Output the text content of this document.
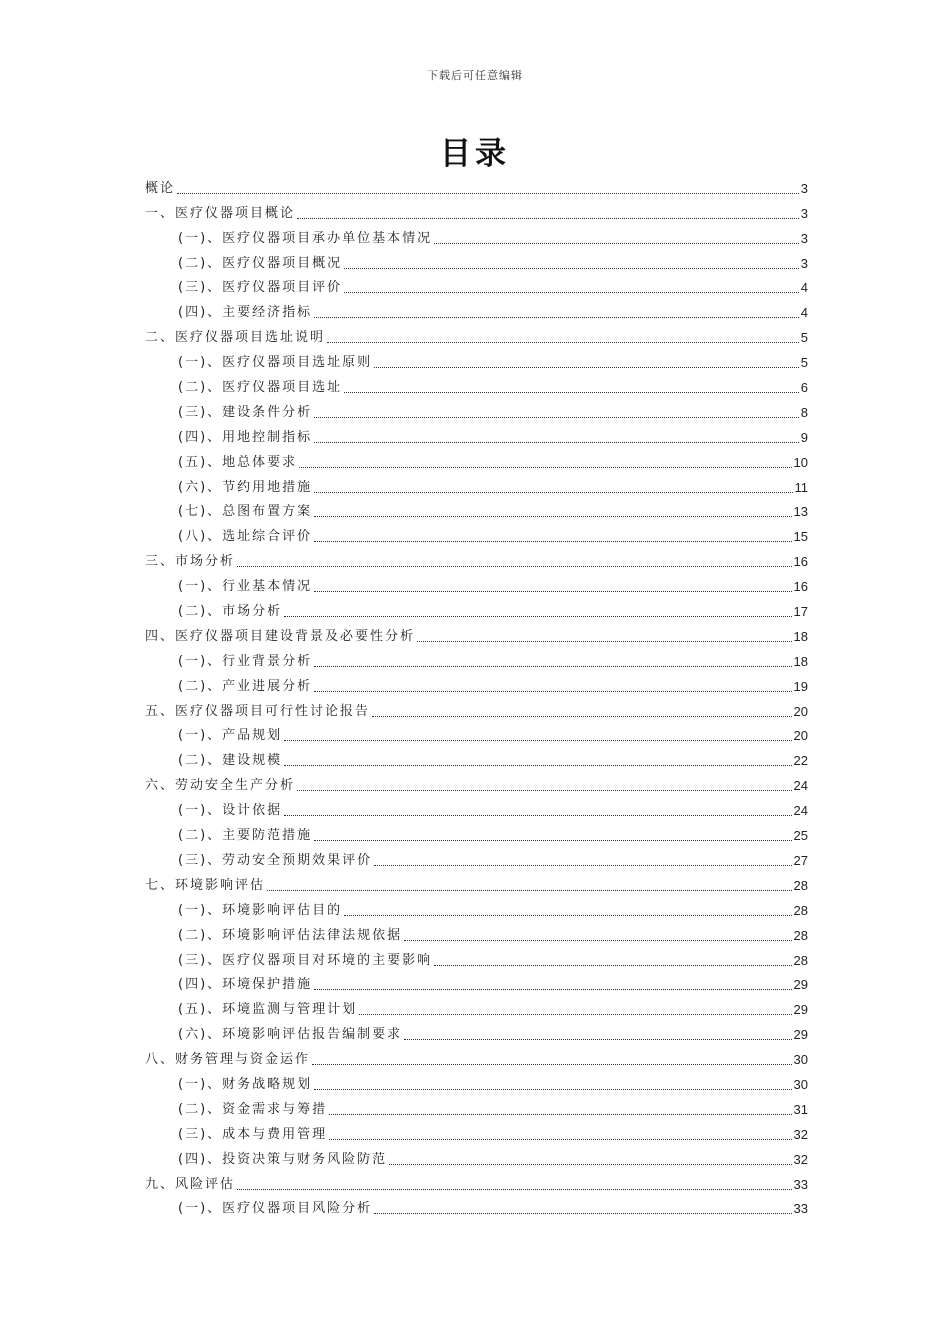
下载后可任意编辑
目录
概论	3
一、医疗仪器项目概论	3
(一)、医疗仪器项目承办单位基本情况	3
(二)、医疗仪器项目概况	3
(三)、医疗仪器项目评价	4
(四)、主要经济指标	4
二、医疗仪器项目选址说明	5
(一)、医疗仪器项目选址原则	5
(二)、医疗仪器项目选址	6
(三)、建设条件分析	8
(四)、用地控制指标	9
(五)、地总体要求	10
(六)、节约用地措施	11
(七)、总图布置方案	13
(八)、选址综合评价	15
三、市场分析	16
(一)、行业基本情况	16
(二)、市场分析	17
四、医疗仪器项目建设背景及必要性分析	18
(一)、行业背景分析	18
(二)、产业进展分析	19
五、医疗仪器项目可行性讨论报告	20
(一)、产品规划	20
(二)、建设规模	22
六、劳动安全生产分析	24
(一)、设计依据	24
(二)、主要防范措施	25
(三)、劳动安全预期效果评价	27
七、环境影响评估	28
(一)、环境影响评估目的	28
(二)、环境影响评估法律法规依据	28
(三)、医疗仪器项目对环境的主要影响	28
(四)、环境保护措施	29
(五)、环境监测与管理计划	29
(六)、环境影响评估报告编制要求	29
八、财务管理与资金运作	30
(一)、财务战略规划	30
(二)、资金需求与筹措	31
(三)、成本与费用管理	32
(四)、投资决策与财务风险防范	32
九、风险评估	33
(一)、医疗仪器项目风险分析	33
